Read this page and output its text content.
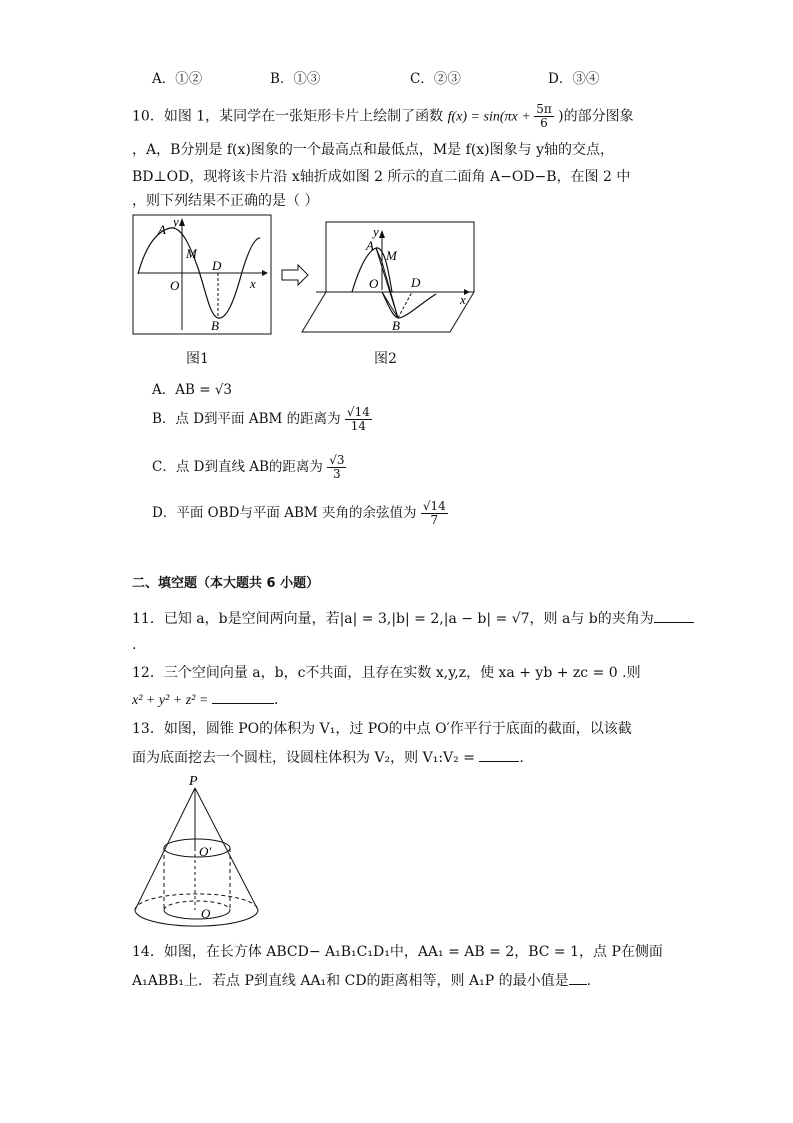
A．①②	B．①③	C．②③	D．③④
10．如图 1，某同学在一张矩形卡片上绘制了函数 $f(x) = \sin(\pi x + \frac{5\pi}{6}$ )的部分图象
，A，B分别是 f(x)图象的一个最高点和最低点，M是 f(x)图象与 y轴的交点，
BD⊥OD，现将该卡片沿 x轴折成如图 2 所示的直二面角 A−OD−B，在图 2 中
，则下列结果不正确的是（ ）
A
y
M
O
D
x
B
A
y
M
O	D
x
B
图1	图2
A．AB = √3
B．点 D到平面 ABM 的距离为 $\frac{√14}{14}$
C．点 D到直线 AB的距离为 $\frac{√3}{3}$
D．平面 OBD与平面 ABM 夹角的余弦值为 $\frac{√14}{7}$
二、填空题（本大题共 6 小题）
11．已知 a，b是空间两向量，若|a| = 3,|b| = 2,|a − b| = √7，则 a与 b的夹角为
.
12．三个空间向量 a，b，c不共面，且存在实数 x,y,z，使 xa + yb + zc = 0 .则
x² + y² + z² =	.
13．如图，圆锥 PO的体积为 V₁，过 PO的中点 O′作平行于底面的截面，以该截
面为底面挖去一个圆柱，设圆柱体积为 V₂，则 V₁:V₂ =	.
P
O′
O
14．如图，在长方体 ABCD− A₁B₁C₁D₁中，AA₁ = AB = 2，BC = 1，点 P在侧面
A₁ABB₁上．若点 P到直线 AA₁和 CD的距离相等，则 A₁P 的最小值是 .
